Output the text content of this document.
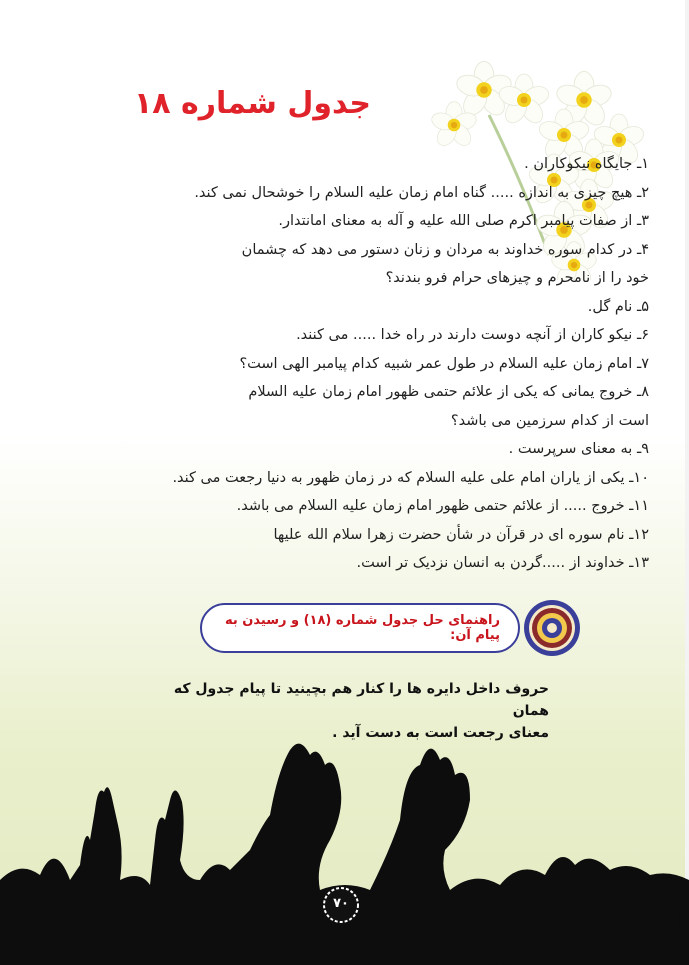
جدول شماره ۱۸
۱ـ جایگاه نیکوکاران .
۲ـ هیچ چیزی به اندازه ..... گناه امام زمان علیه السلام را خوشحال نمی کند.
۳ـ از صفات پیامبر اکرم صلی الله علیه و آله به معنای امانتدار.
۴ـ در کدام سوره خداوند به مردان و زنان دستور می دهد که چشمان
خود را از نامحرم و چیزهای حرام فرو بندند؟
۵ـ نام گل.
۶ـ نیکو کاران از آنچه دوست دارند در راه خدا ..... می کنند.
۷ـ امام زمان علیه السلام در طول عمر شبیه کدام پیامبر الهی است؟
۸ـ خروج یمانی که یکی از علائم حتمی ظهور امام زمان علیه السلام
است از کدام سرزمین می باشد؟
۹ـ به معنای سرپرست .
۱۰ـ یکی از یاران امام علی علیه السلام که در زمان ظهور به دنیا رجعت می کند.
۱۱ـ خروج ..... از علائم حتمی ظهور امام زمان علیه السلام می باشد.
۱۲ـ نام سوره ای در قرآن در شأن حضرت زهرا سلام الله علیها
۱۳ـ خداوند از .....گردن به انسان نزدیک تر است.
راهنمای حل جدول شماره (۱۸) و رسیدن به پیام آن:
حروف داخل دایره ها را کنار هم بچینید تا پیام جدول که همان
معنای رجعت است به دست آید .
۷۰
